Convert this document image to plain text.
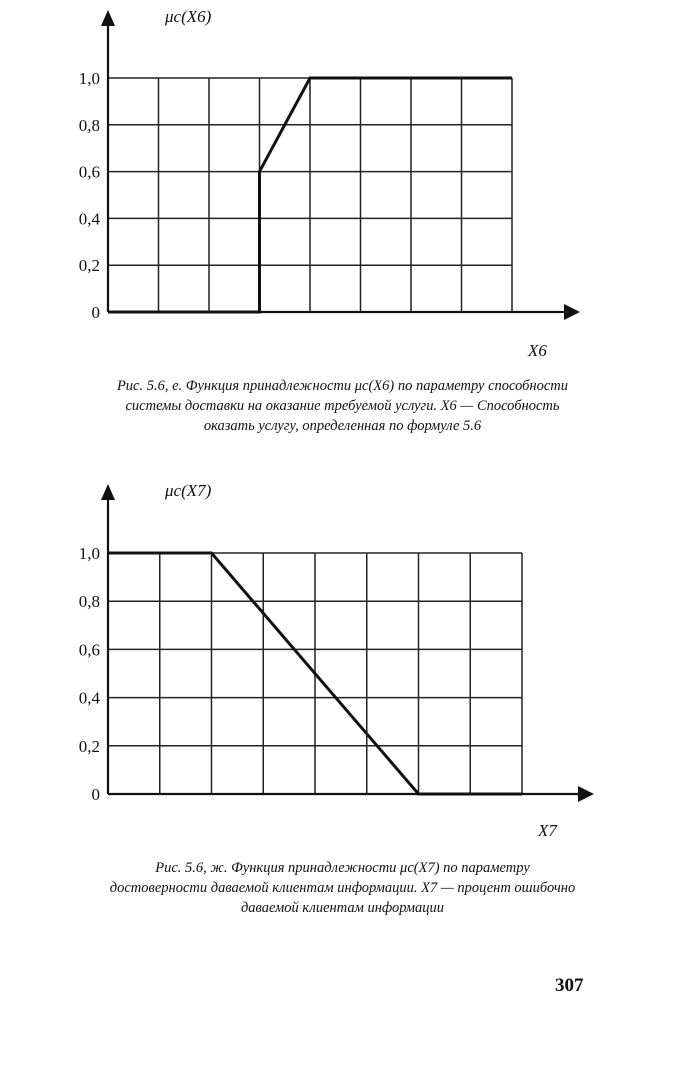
0
0,2
0,4
0,6
0,8
1,0
μc(X6)
X6
Рис. 5.6, е. Функция принадлежности μc(X6) по параметру способности
системы доставки на оказание требуемой услуги. X6 — Способность
оказать услугу, определенная по формуле 5.6
0
0,2
0,4
0,6
0,8
1,0
μc(X7)
X7
Рис. 5.6, ж. Функция принадлежности μc(X7) по параметру
достоверности даваемой клиентам информации. X7 — процент ошибочно
даваемой клиентам информации
307
